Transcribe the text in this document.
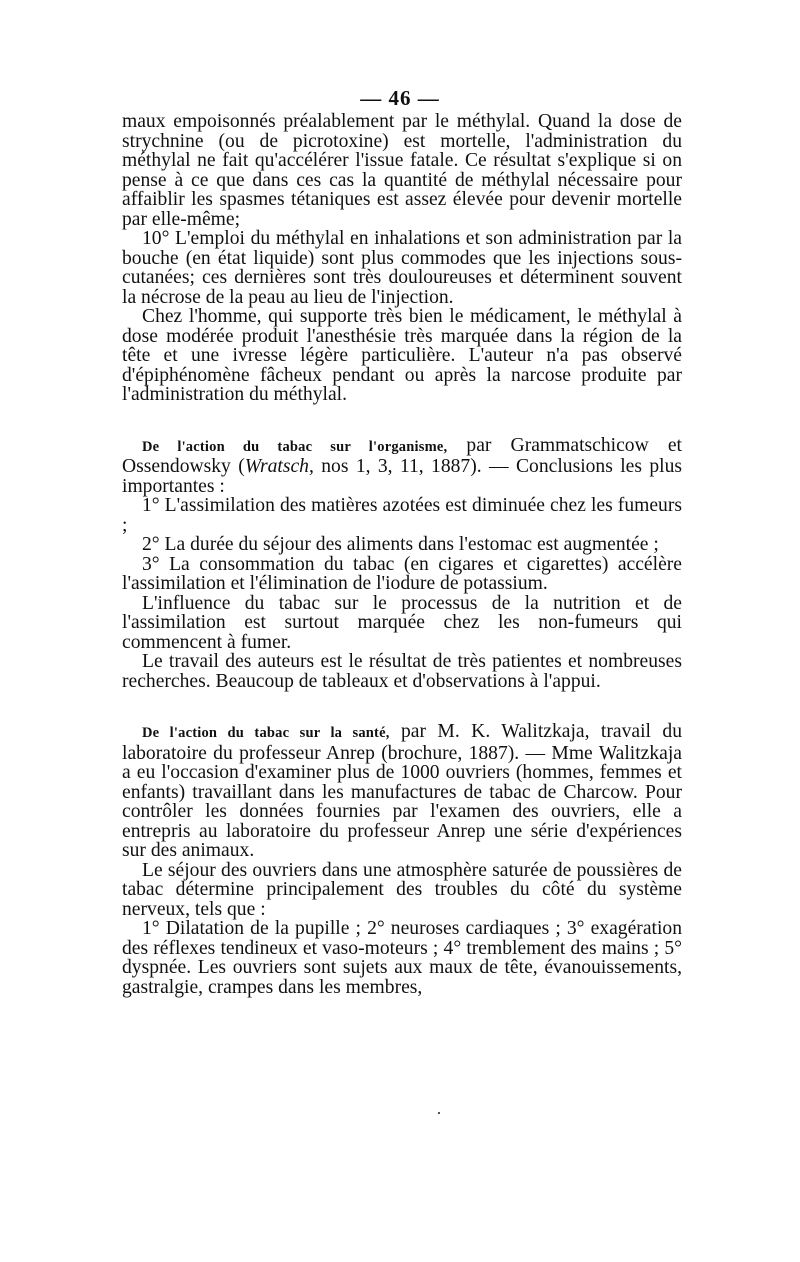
— 46 —

maux empoisonnés préalablement par le méthylal. Quand la dose de strychnine (ou de picrotoxine) est mortelle, l'administration du méthylal ne fait qu'accélérer l'issue fatale. Ce résultat s'explique si on pense à ce que dans ces cas la quantité de méthylal nécessaire pour affaiblir les spasmes tétaniques est assez élevée pour devenir mortelle par elle-même;

10° L'emploi du méthylal en inhalations et son administration par la bouche (en état liquide) sont plus commodes que les injections sous-cutanées; ces dernières sont très douloureuses et déterminent souvent la nécrose de la peau au lieu de l'injection.

Chez l'homme, qui supporte très bien le médicament, le méthylal à dose modérée produit l'anesthésie très marquée dans la région de la tête et une ivresse légère particulière. L'auteur n'a pas observé d'épiphénomène fâcheux pendant ou après la narcose produite par l'administration du méthylal.

De l'action du tabac sur l'organisme, par Grammatschicow et Ossendowsky (Wratsch, nos 1, 3, 11, 1887). — Conclusions les plus importantes :

1° L'assimilation des matières azotées est diminuée chez les fumeurs ;

2° La durée du séjour des aliments dans l'estomac est augmentée ;

3° La consommation du tabac (en cigares et cigarettes) accélère l'assimilation et l'élimination de l'iodure de potassium.

L'influence du tabac sur le processus de la nutrition et de l'assimilation est surtout marquée chez les non-fumeurs qui commencent à fumer.

Le travail des auteurs est le résultat de très patientes et nombreuses recherches. Beaucoup de tableaux et d'observations à l'appui.

De l'action du tabac sur la santé, par M. K. Walitzkaja, travail du laboratoire du professeur Anrep (brochure, 1887). — Mme Walitzkaja a eu l'occasion d'examiner plus de 1000 ouvriers (hommes, femmes et enfants) travaillant dans les manufactures de tabac de Charcow. Pour contrôler les données fournies par l'examen des ouvriers, elle a entrepris au laboratoire du professeur Anrep une série d'expériences sur des animaux.

Le séjour des ouvriers dans une atmosphère saturée de poussières de tabac détermine principalement des troubles du côté du système nerveux, tels que :

1° Dilatation de la pupille ; 2° neuroses cardiaques ; 3° exagération des réflexes tendineux et vaso-moteurs ; 4° tremblement des mains ; 5° dyspnée. Les ouvriers sont sujets aux maux de tête, évanouissements, gastralgie, crampes dans les membres,
